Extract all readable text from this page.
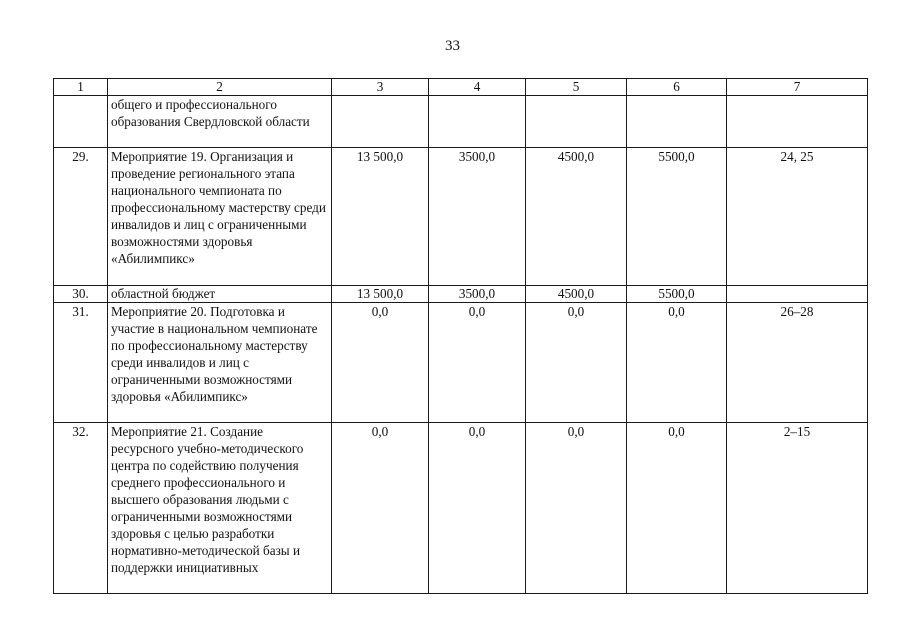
33
1	2	3	4	5	6	7
	общего и профессионального образования Свердловской области					
29.	Мероприятие 19. Организация и проведение регионального этапа национального чемпионата по профессиональному мастерству среди инвалидов и лиц с ограниченными возможностями здоровья «Абилимпикс»	13 500,0	3500,0	4500,0	5500,0	24, 25
30.	областной бюджет	13 500,0	3500,0	4500,0	5500,0	
31.	Мероприятие 20. Подготовка и участие в национальном чемпионате по профессиональному мастерству среди инвалидов и лиц с ограниченными возможностями здоровья «Абилимпикс»	0,0	0,0	0,0	0,0	26–28
32.	Мероприятие 21. Создание ресурсного учебно-методического центра по содействию получения среднего профессионального и высшего образования людьми с ограниченными возможностями здоровья с целью разработки нормативно-методической базы и поддержки инициативных	0,0	0,0	0,0	0,0	2–15
